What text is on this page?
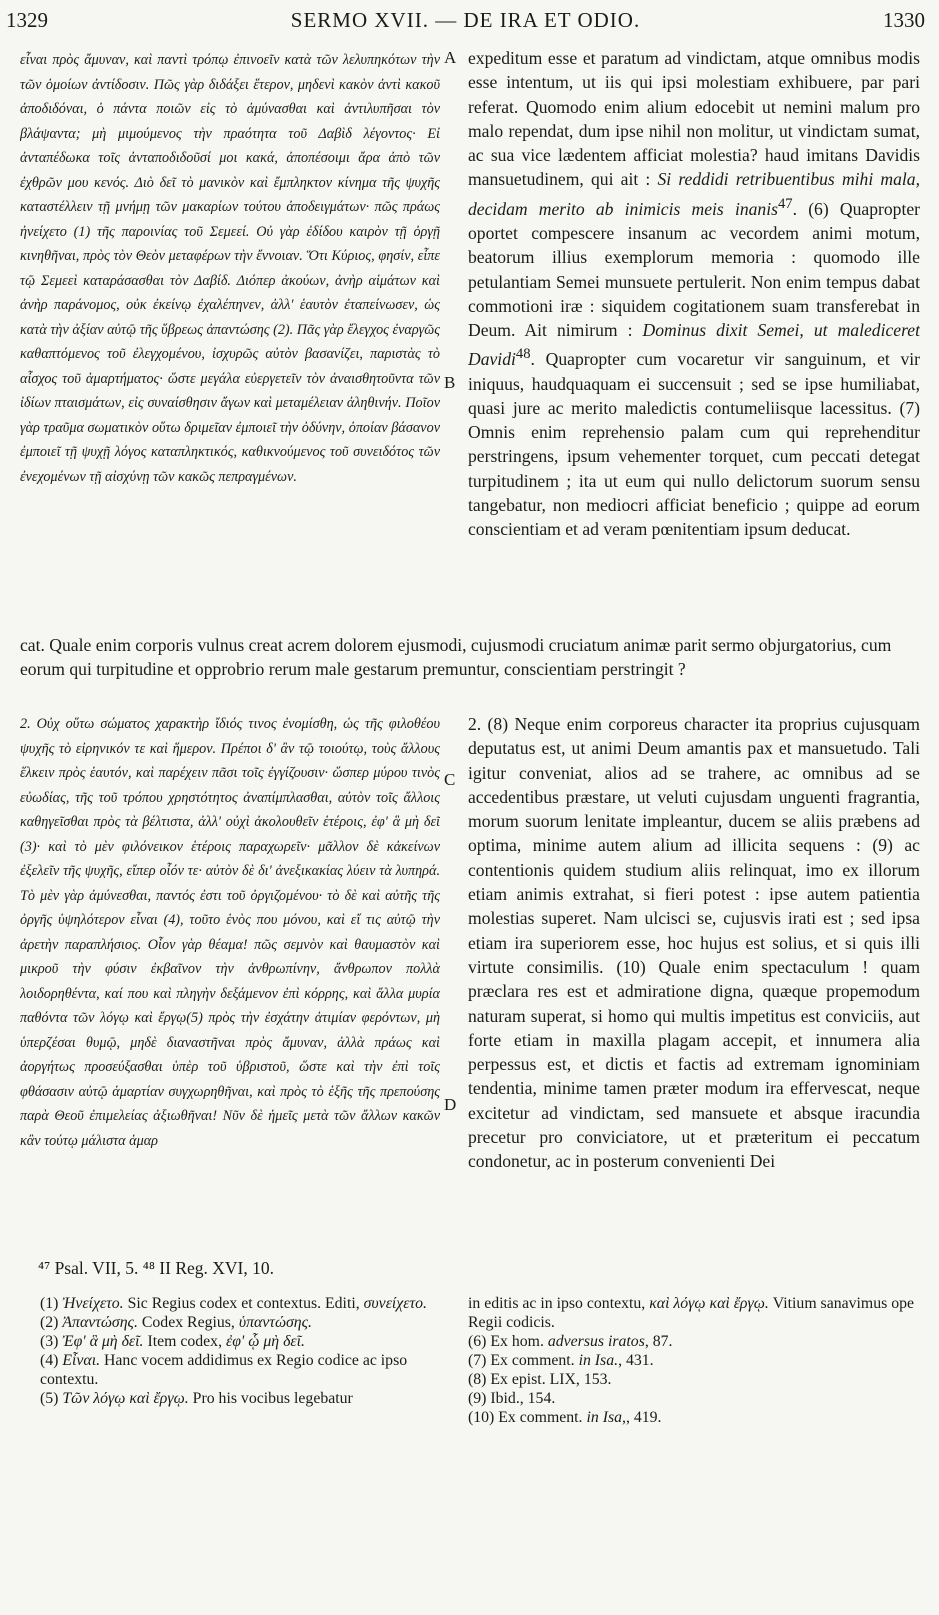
1329	SERMO XVII. — DE IRA ET ODIO.	1330

εἶναι πρὸς ἄμυναν, καὶ παντὶ τρόπῳ ἐπινοεῖν κατὰ τῶν λελυπηκότων τὴν τῶν ὁμοίων ἀντίδοσιν. Πῶς γὰρ διδάξει ἕτερον, μηδενὶ κακὸν ἀντὶ κακοῦ ἀποδιδόναι, ὁ πάντα ποιῶν εἰς τὸ ἀμύνασθαι καὶ ἀντιλυπῆσαι τὸν βλάψαντα; μὴ μιμούμενος τὴν πραότητα τοῦ Δαβὶδ λέγοντος· Εἰ ἀνταπέδωκα τοῖς ἀνταποδιδοῦσί μοι κακά, ἀποπέσοιμι ἄρα ἀπὸ τῶν ἐχθρῶν μου κενός. Διὸ δεῖ τὸ μανικὸν καὶ ἔμπληκτον κίνημα τῆς ψυχῆς καταστέλλειν τῇ μνήμῃ τῶν μακαρίων τούτου ἀποδειγμάτων· πῶς πράως ἠνείχετο (1) τῆς παροινίας τοῦ Σεμεεί. Οὐ γὰρ ἐδίδου καιρὸν τῇ ὀργῇ κινηθῆναι, πρὸς τὸν Θεὸν μεταφέρων τὴν ἔννοιαν. Ὅτι Κύριος, φησίν, εἶπε τῷ Σεμεεὶ καταράσασθαι τὸν Δαβίδ. Διόπερ ἀκούων, ἀνὴρ αἱμάτων καὶ ἀνὴρ παράνομος, οὐκ ἐκείνῳ ἐχαλέπηνεν, ἀλλ' ἑαυτὸν ἐταπείνωσεν, ὡς κατὰ τὴν ἀξίαν αὐτῷ τῆς ὕβρεως ἀπαντώσης (2). Πᾶς γὰρ ἔλεγχος ἐναργῶς καθαπτόμενος τοῦ ἐλεγχομένου, ἰσχυρῶς αὐτὸν βασανίζει, παριστὰς τὸ αἶσχος τοῦ ἁμαρτήματος· ὥστε μεγάλα εὐεργετεῖν τὸν ἀναισθητοῦντα τῶν ἰδίων πταισμάτων, εἰς συναίσθησιν ἄγων καὶ μεταμέλειαν ἀληθινήν. Ποῖον γὰρ τραῦμα σωματικὸν οὕτω δριμεῖαν ἐμποιεῖ τὴν ὀδύνην, ὁποίαν βάσανον ἐμποιεῖ τῇ ψυχῇ λόγος καταπληκτικός, καθικνούμενος τοῦ συνειδότος τῶν ἐνεχομένων τῇ αἰσχύνῃ τῶν κακῶς πεπραγμένων.

expeditum esse et paratum ad vindictam, atque omnibus modis esse intentum, ut iis qui ipsi molestiam exhibuere, par pari referat. Quomodo enim alium edocebit ut nemini malum pro malo rependat, dum ipse nihil non molitur, ut vindictam sumat, ac sua vice lædentem afficiat molestia? haud imitans Davidis mansuetudinem, qui ait : Si reddidi retribuentibus mihi mala, decidam merito ab inimicis meis inanis$^{47}$. (6) Quapropter oportet compescere insanum ac vecordem animi motum, beatorum illius exemplorum memoria : quomodo ille petulantiam Semei munsuete pertulerit. Non enim tempus dabat commotioni iræ : siquidem cogitationem suam transferebat in Deum. Ait nimirum : Dominus dixit Semei, ut malediceret Davidi$^{48}$. Quapropter cum vocaretur vir sanguinum, et vir iniquus, haudquaquam ei succensuit ; sed se ipse humiliabat, quasi jure ac merito maledictis contumeliisque lacessitus. (7) Omnis enim reprehensio palam cum qui reprehenditur perstringens, ipsum vehementer torquet, cum peccati detegat turpitudinem ; ita ut eum qui nullo delictorum suorum sensu tangebatur, non mediocri afficiat beneficio ; quippe ad eorum conscientiam et ad veram pœnitentiam ipsum deducat.

cat. Quale enim corporis vulnus creat acrem dolorem ejusmodi, cujusmodi cruciatum animæ parit sermo objurgatorius, cum eorum qui turpitudine et opprobrio rerum male gestarum premuntur, conscientiam perstringit ?

2. Οὐχ οὕτω σώματος χαρακτὴρ ἴδιός τινος ἐνομίσθη, ὡς τῆς φιλοθέου ψυχῆς τὸ εἰρηνικόν τε καὶ ἥμερον. Πρέποι δ' ἂν τῷ τοιούτῳ, τοὺς ἄλλους ἕλκειν πρὸς ἑαυτόν, καὶ παρέχειν πᾶσι τοῖς ἐγγίζουσιν· ὥσπερ μύρου τινὸς εὐωδίας, τῆς τοῦ τρόπου χρηστότητος ἀναπίμπλασθαι, αὐτὸν τοῖς ἄλλοις καθηγεῖσθαι πρὸς τὰ βέλτιστα, ἀλλ' οὐχὶ ἀκολουθεῖν ἑτέροις, ἐφ' ἃ μὴ δεῖ (3)· καὶ τὸ μὲν φιλόνεικον ἑτέροις παραχωρεῖν· μᾶλλον δὲ κἀκείνων ἐξελεῖν τῆς ψυχῆς, εἴπερ οἷόν τε· αὐτὸν δὲ δι' ἀνεξικακίας λύειν τὰ λυπηρά. Τὸ μὲν γὰρ ἀμύνεσθαι, παντός ἐστι τοῦ ὀργιζομένου· τὸ δὲ καὶ αὐτῆς τῆς ὀργῆς ὑψηλότερον εἶναι (4), τοῦτο ἑνὸς που μόνου, καὶ εἴ τις αὐτῷ τὴν ἀρετὴν παραπλήσιος. Οἷον γὰρ θέαμα! πῶς σεμνὸν καὶ θαυμαστὸν καὶ μικροῦ τὴν φύσιν ἐκβαῖνον τὴν ἀνθρωπίνην, ἄνθρωπον πολλὰ λοιδορηθέντα, καί που καὶ πληγὴν δεξάμενον ἐπὶ κόρρης, καὶ ἄλλα μυρία παθόντα τῶν λόγῳ καὶ ἔργῳ(5) πρὸς τὴν ἐσχάτην ἀτιμίαν φερόντων, μὴ ὑπερζέσαι θυμῷ, μηδὲ διαναστῆναι πρὸς ἄμυναν, ἀλλὰ πράως καὶ ἀοργήτως προσεύξασθαι ὑπὲρ τοῦ ὑβριστοῦ, ὥστε καὶ τὴν ἐπὶ τοῖς φθάσασιν αὐτῷ ἁμαρτίαν συγχωρηθῆναι, καὶ πρὸς τὸ ἑξῆς τῆς πρεπούσης παρὰ Θεοῦ ἐπιμελείας ἀξιωθῆναι! Νῦν δὲ ἡμεῖς μετὰ τῶν ἄλλων κακῶν κἂν τούτῳ μάλιστα ἁμαρ

2. (8) Neque enim corporeus character ita proprius cujusquam deputatus est, ut animi Deum amantis pax et mansuetudo. Tali igitur conveniat, alios ad se trahere, ac omnibus ad se accedentibus præstare, ut veluti cujusdam unguenti fragrantia, morum suorum lenitate impleantur, ducem se aliis præbens ad optima, minime autem alium ad illicita sequens : (9) ac contentionis quidem studium aliis relinquat, imo ex illorum etiam animis extrahat, si fieri potest : ipse autem patientia molestias superet. Nam ulcisci se, cujusvis irati est ; sed ipsa etiam ira superiorem esse, hoc hujus est solius, et si quis illi virtute consimilis. (10) Quale enim spectaculum ! quam præclara res est et admiratione digna, quæque propemodum naturam superat, si homo qui multis impetitus est conviciis, aut forte etiam in maxilla plagam accepit, et innumera alia perpessus est, et dictis et factis ad extremam ignominiam tendentia, minime tamen præter modum ira effervescat, neque excitetur ad vindictam, sed mansuete et absque iracundia precetur pro conviciatore, ut et præteritum ei peccatum condonetur, ac in posterum convenienti Dei

A
B
C
D
⁴⁷ Psal. VII, 5. ⁴⁸ II Reg. XVI, 10.
(1) Ἠνείχετο. Sic Regius codex et contextus. Editi, συνείχετο.
(2) Ἀπαντώσης. Codex Regius, ὑπαντώσης.
(3) Ἐφ' ἃ μὴ δεῖ. Item codex, ἐφ' ᾧ μὴ δεῖ.
(4) Εἶναι. Hanc vocem addidimus ex Regio codice ac ipso contextu.
(5) Τῶν λόγῳ καὶ ἔργῳ. Pro his vocibus legebatur
in editis ac in ipso contextu, καὶ λόγῳ καὶ ἔργῳ. Vitium sanavimus ope Regii codicis.
(6) Ex hom. adversus iratos, 87.
(7) Ex comment. in Isa., 431.
(8) Ex epist. LIX, 153.
(9) Ibid., 154.
(10) Ex comment. in Isa,, 419.
